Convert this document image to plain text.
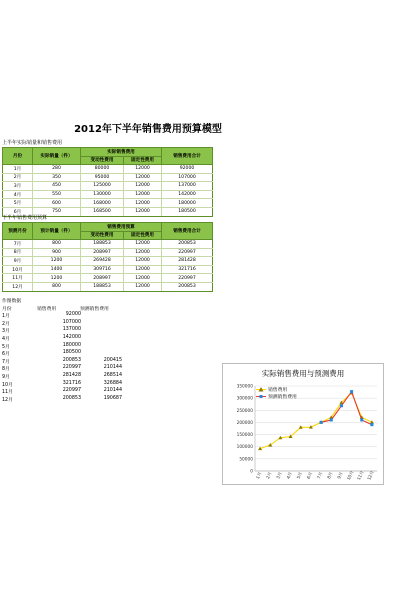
2012年下半年销售费用预算模型
上半年实际销量和销售费用
月份	实际销量（件）	实际销售费用		销售费用合计
		变动性费用	固定性费用	
1月	280	80000	12000	92000
2月	350	95000	12000	107000
3月	450	125000	12000	137000
4月	550	130000	12000	142000
5月	600	168000	12000	180000
6月	750	168500	12000	180500
下半年销售费用预算
预测月份	预计销量（件）	销售费用预算		销售费用合计
		变动性费用	固定性费用	
7月	800	188853	12000	200853
8月	900	208997	12000	220997
9月	1200	269428	12000	281428
10月	1400	309716	12000	321716
11月	1200	208997	12000	220997
12月	800	188853	12000	200853
作图数据
月份	销售费用	预测销售费用
1月	92000
2月	107000
3月	137000
4月	142000
5月	180000
6月	180500
7月	200853	200415
8月	220997	210144
9月	281428	268514
10月	321716	326884
11月	220997	210144
12月	200853	190687
实际销售费用与预测费用
0
50000
100000
150000
200000
250000
300000
350000
1月 2月 3月 4月 5月 6月 7月 8月 9月 10月 11月 12月
销售费用
预测销售费用
